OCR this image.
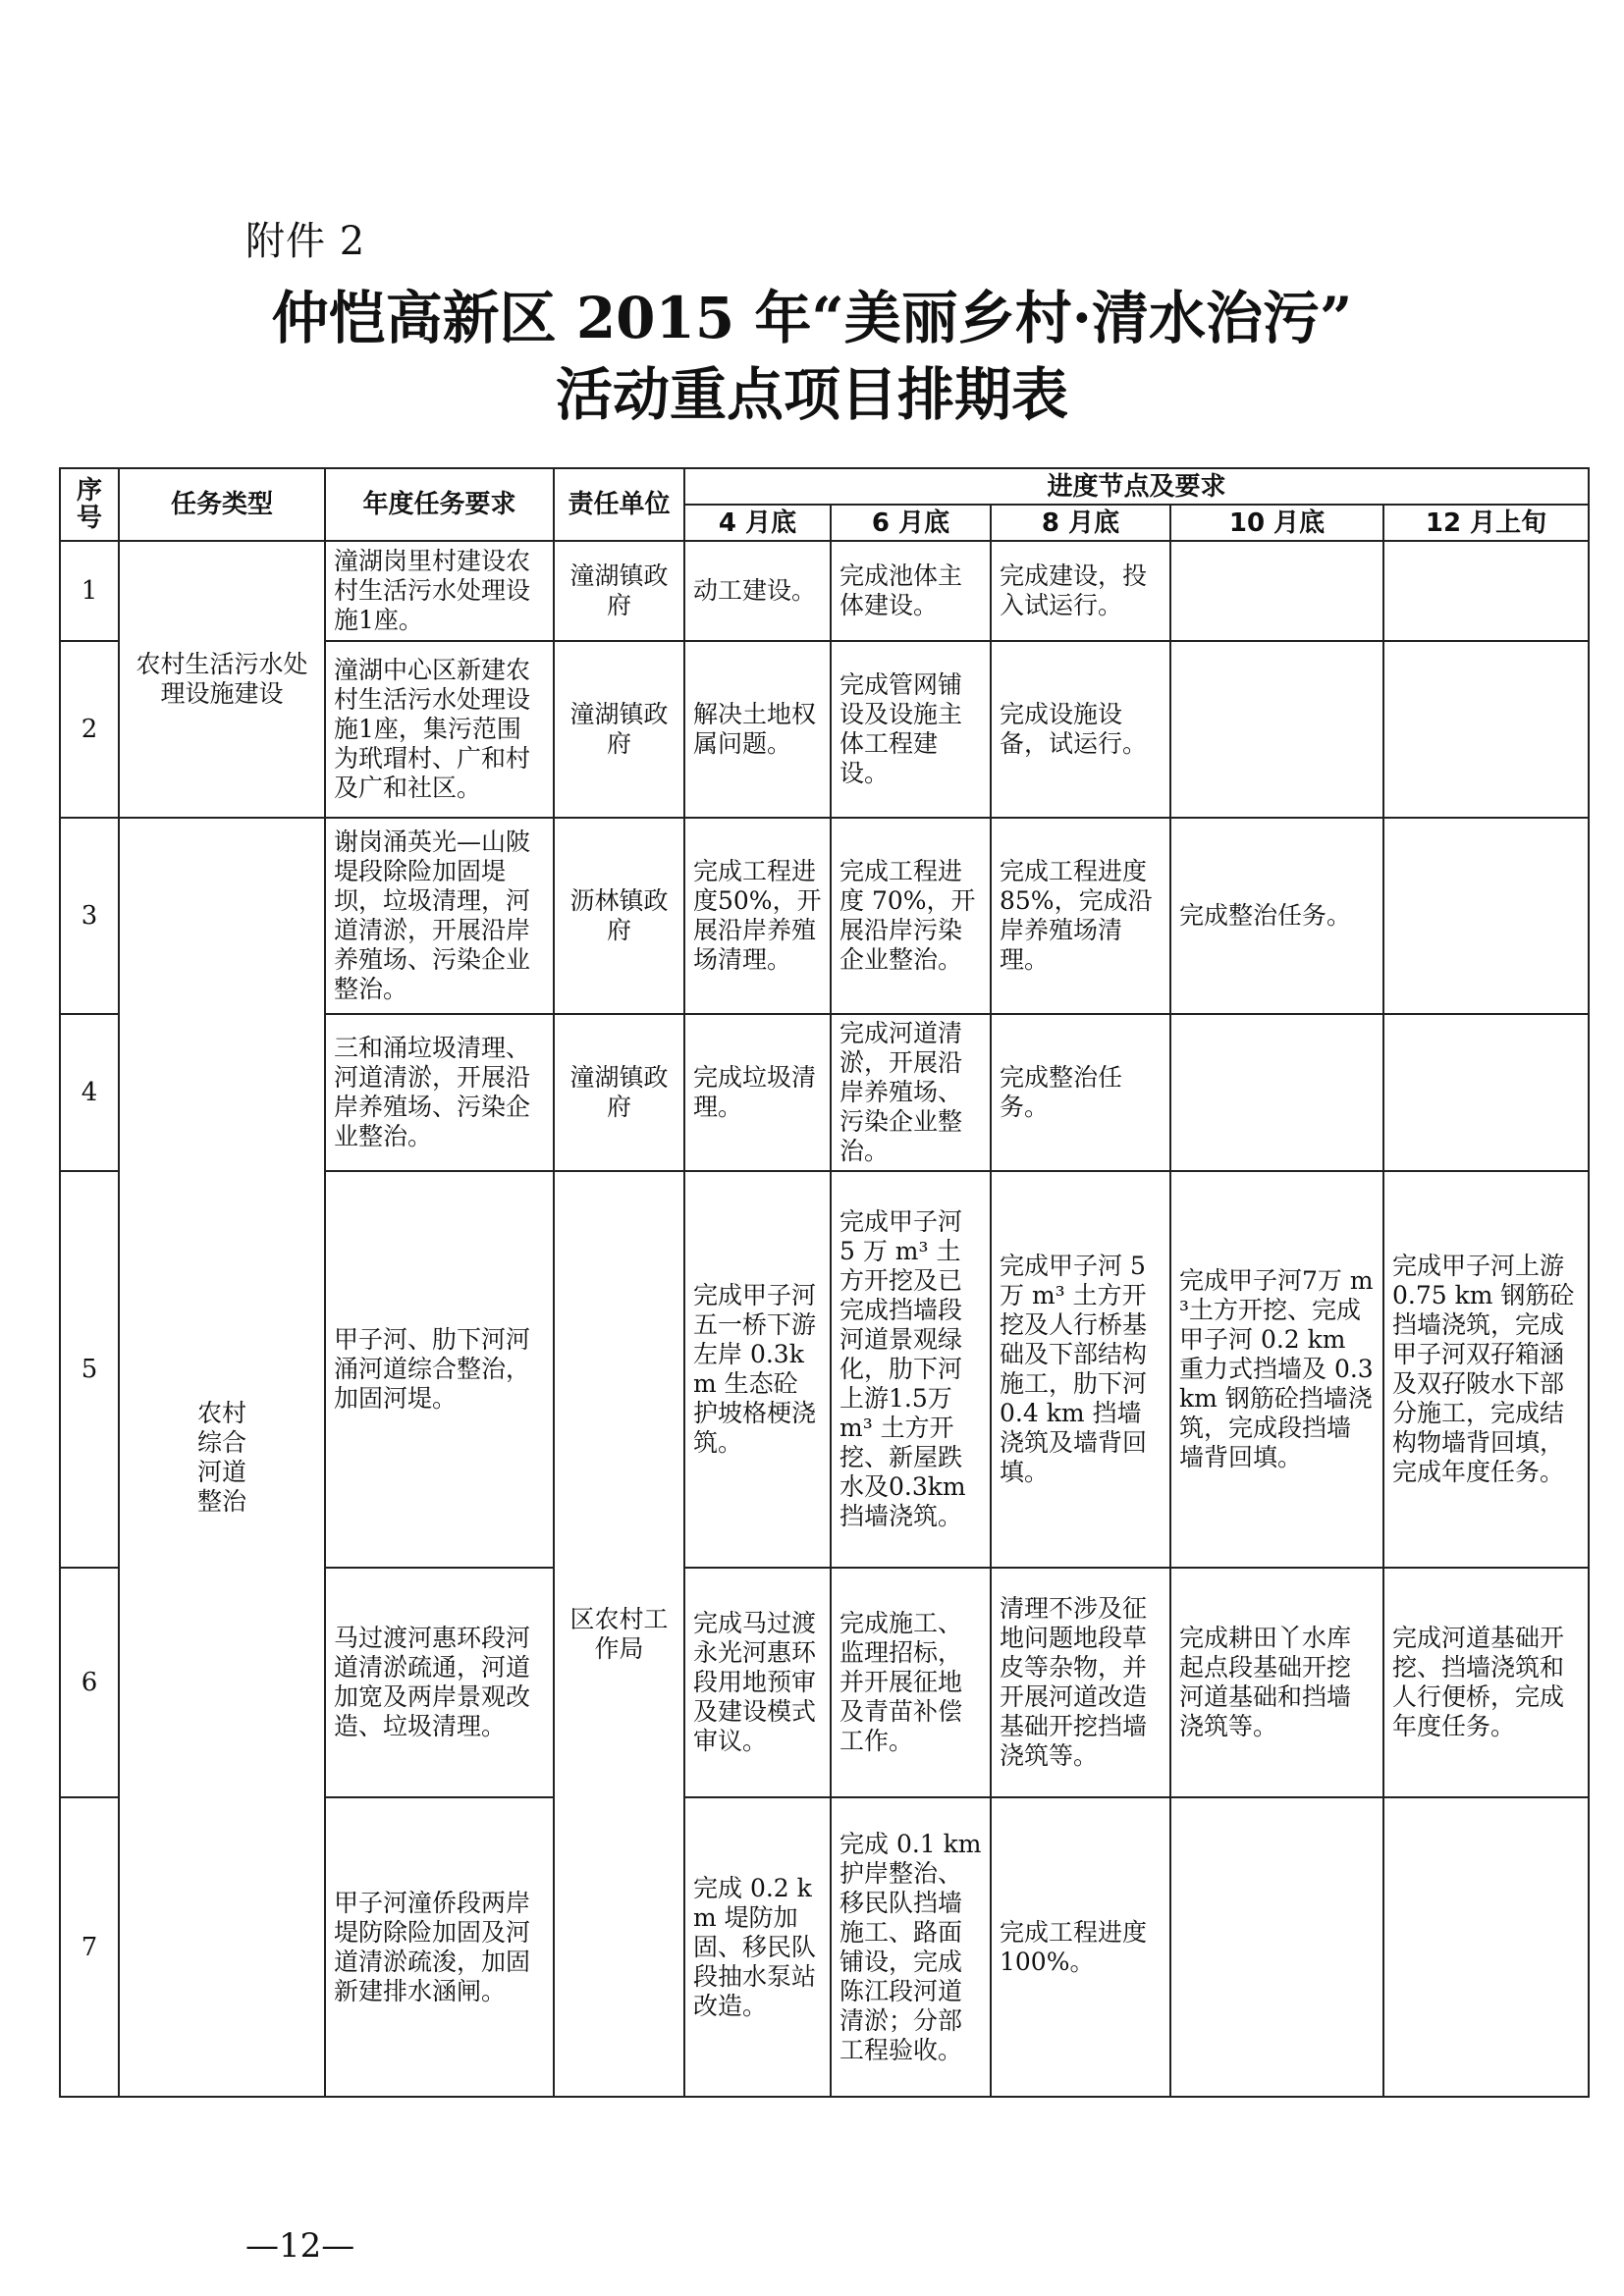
附件 2
仲恺高新区 2015 年“美丽乡村·清水治污”
活动重点项目排期表
序号	任务类型	年度任务要求	责任单位	进度节点及要求				
				4 月底	6 月底	8 月底	10 月底	12 月上旬
1	农村生活污水处理设施建设	潼湖岗里村建设农村生活污水处理设施1座。	潼湖镇政府	动工建设。	完成池体主体建设。	完成建设，投入试运行。		
2		潼湖中心区新建农村生活污水处理设施1座，集污范围为玳瑁村、广和村及广和社区。	潼湖镇政府	解决土地权属问题。	完成管网铺设及设施主体工程建设。	完成设施设备，试运行。		
3	农村综合河道整治	谢岗涌英光—山陂堤段除险加固堤坝，垃圾清理，河道清淤，开展沿岸养殖场、污染企业整治。	沥林镇政府	完成工程进度50%，开展沿岸养殖场清理。	完成工程进度 70%，开展沿岸污染企业整治。	完成工程进度 85%，完成沿岸养殖场清理。	完成整治任务。	
4		三和涌垃圾清理、河道清淤，开展沿岸养殖场、污染企业整治。	潼湖镇政府	完成垃圾清理。	完成河道清淤，开展沿岸养殖场、污染企业整治。	完成整治任务。		
5		甲子河、肋下河河涌河道综合整治，加固河堤。	区农村工作局	完成甲子河五一桥下游左岸 0.3km 生态砼护坡格梗浇筑。	完成甲子河 5 万 m³ 土方开挖及已完成挡墙段河道景观绿化，肋下河上游1.5万 m³ 土方开挖、新屋跌水及0.3km 挡墙浇筑。	完成甲子河 5 万 m³ 土方开挖及人行桥基础及下部结构施工，肋下河 0.4 km 挡墙浇筑及墙背回填。	完成甲子河7万 m³土方开挖、完成甲子河 0.2 km 重力式挡墙及 0.3 km 钢筋砼挡墙浇筑，完成段挡墙墙背回填。	完成甲子河上游 0.75 km 钢筋砼挡墙浇筑，完成甲子河双孖箱涵及双孖陂水下部分施工，完成结构物墙背回填，完成年度任务。
6		马过渡河惠环段河道清淤疏通，河道加宽及两岸景观改造、垃圾清理。		完成马过渡永光河惠环段用地预审及建设模式审议。	完成施工、监理招标，并开展征地及青苗补偿工作。	清理不涉及征地问题地段草皮等杂物，并开展河道改造基础开挖挡墙浇筑等。	完成耕田丫水库起点段基础开挖河道基础和挡墙浇筑等。	完成河道基础开挖、挡墙浇筑和人行便桥，完成年度任务。
7		甲子河潼侨段两岸堤防除险加固及河道清淤疏浚，加固新建排水涵闸。		完成 0.2 km 堤防加固、移民队段抽水泵站改造。	完成 0.1 km 护岸整治、移民队挡墙施工、路面铺设，完成陈江段河道清淤；分部工程验收。	完成工程进度 100%。		
—12—
